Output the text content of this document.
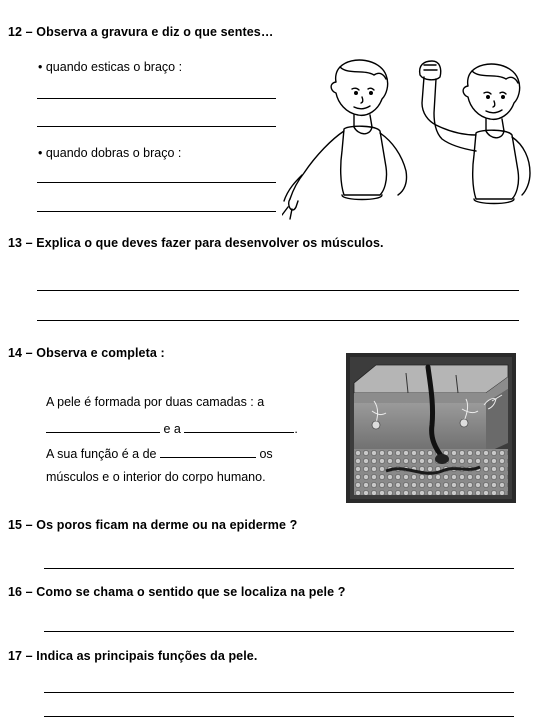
12 – Observa a gravura e diz o que sentes…
• quando esticas o braço :
• quando dobras o braço :
13 – Explica o que deves fazer para desenvolver os músculos.
14 – Observa e completa :
A pele é formada por duas camadas : a
e a	.
A sua função é a de	os
músculos e o interior do corpo humano.
15 – Os poros ficam na derme ou na epiderme ?
16 – Como se chama o sentido que se localiza na pele ?
17 – Indica as principais funções da pele.
